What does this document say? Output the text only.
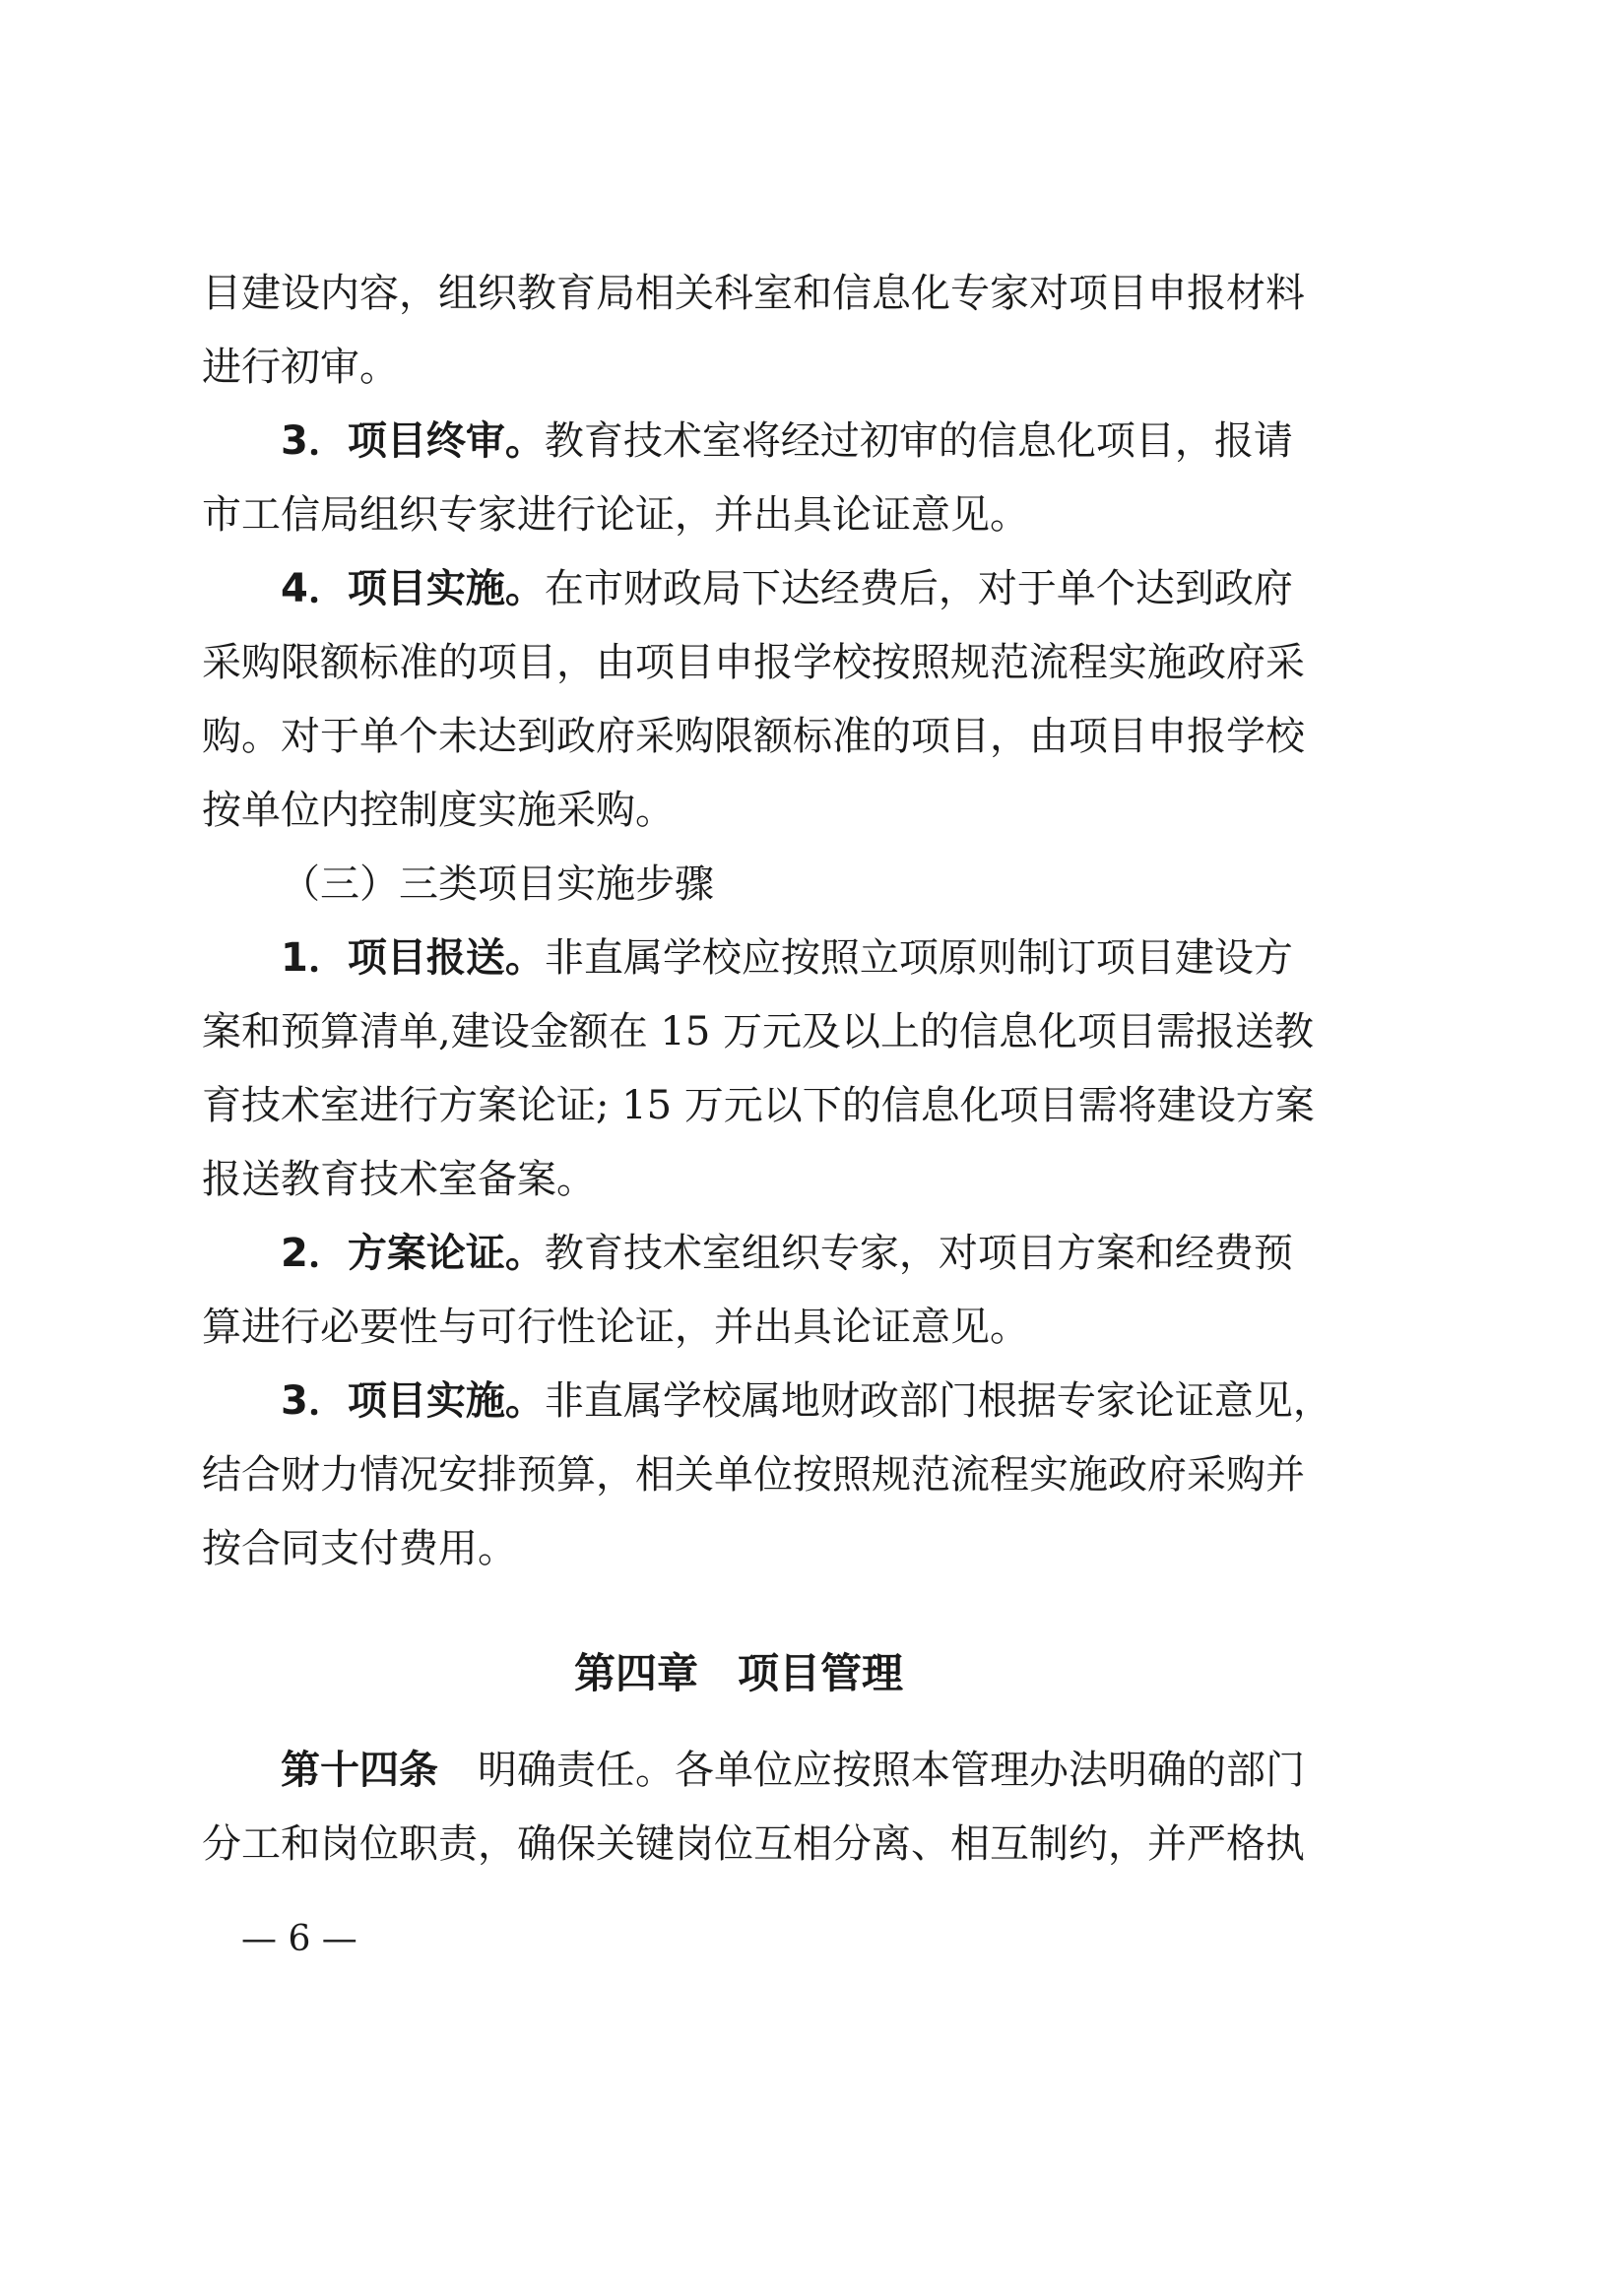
目建设内容，组织教育局相关科室和信息化专家对项目申报材料
进行初审。
3．项目终审。教育技术室将经过初审的信息化项目，报请
市工信局组织专家进行论证，并出具论证意见。
4．项目实施。在市财政局下达经费后，对于单个达到政府
采购限额标准的项目，由项目申报学校按照规范流程实施政府采
购。对于单个未达到政府采购限额标准的项目，由项目申报学校
按单位内控制度实施采购。
（三）三类项目实施步骤
1．项目报送。非直属学校应按照立项原则制订项目建设方
案和预算清单,建设金额在 15 万元及以上的信息化项目需报送教
育技术室进行方案论证; 15 万元以下的信息化项目需将建设方案
报送教育技术室备案。
2．方案论证。教育技术室组织专家，对项目方案和经费预
算进行必要性与可行性论证，并出具论证意见。
3．项目实施。非直属学校属地财政部门根据专家论证意见，
结合财力情况安排预算，相关单位按照规范流程实施政府采购并
按合同支付费用。
第四章 项目管理
第十四条 明确责任。各单位应按照本管理办法明确的部门
分工和岗位职责，确保关键岗位互相分离、相互制约，并严格执
— 6 —
